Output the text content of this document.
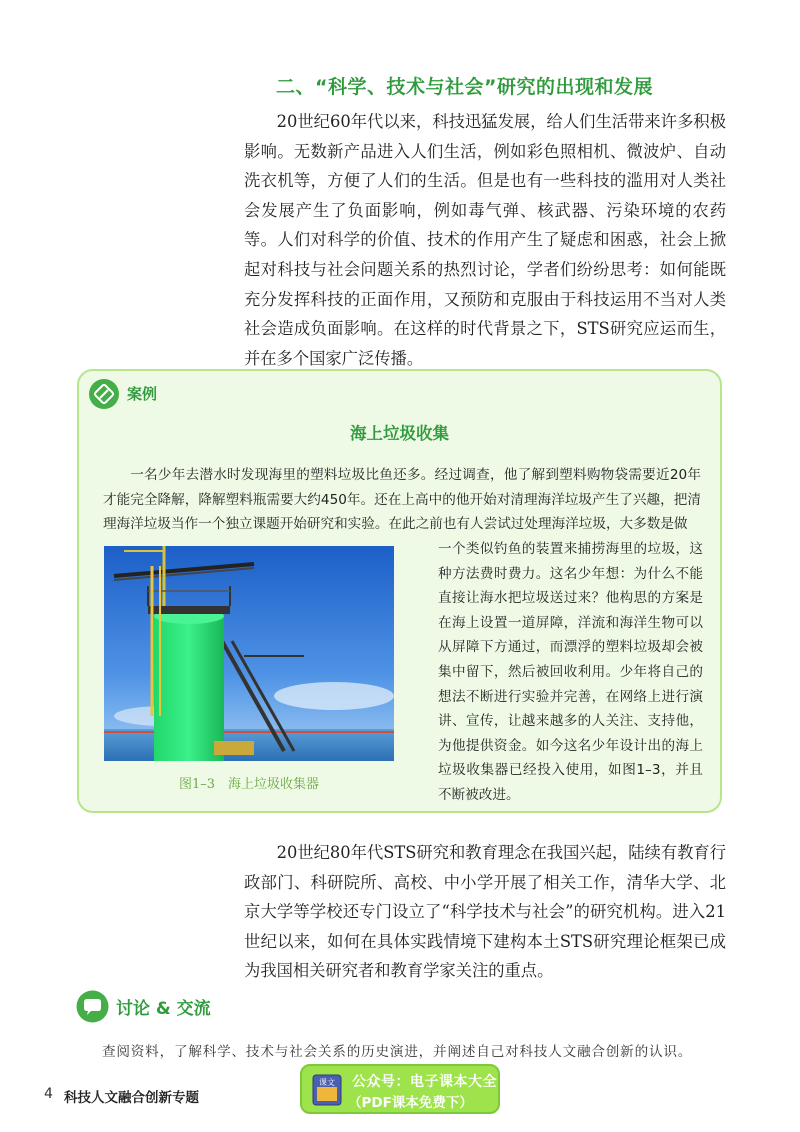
二、“科学、技术与社会”研究的出现和发展

20世纪60年代以来，科技迅猛发展，给人们生活带来许多积极影响。无数新产品进入人们生活，例如彩色照相机、微波炉、自动洗衣机等，方便了人们的生活。但是也有一些科技的滥用对人类社会发展产生了负面影响，例如毒气弹、核武器、污染环境的农药等。人们对科学的价值、技术的作用产生了疑虑和困惑，社会上掀起对科技与社会问题关系的热烈讨论，学者们纷纷思考：如何能既充分发挥科技的正面作用，又预防和克服由于科技运用不当对人类社会造成负面影响。在这样的时代背景之下，STS研究应运而生，并在多个国家广泛传播。

案例
海上垃圾收集

一名少年去潜水时发现海里的塑料垃圾比鱼还多。经过调查，他了解到塑料购物袋需要近20年才能完全降解，降解塑料瓶需要大约450年。还在上高中的他开始对清理海洋垃圾产生了兴趣，把清理海洋垃圾当作一个独立课题开始研究和实验。在此之前也有人尝试过处理海洋垃圾，大多数是做

一个类似钓鱼的装置来捕捞海里的垃圾，这种方法费时费力。这名少年想：为什么不能直接让海水把垃圾送过来？他构思的方案是在海上设置一道屏障，洋流和海洋生物可以从屏障下方通过，而漂浮的塑料垃圾却会被集中留下，然后被回收利用。少年将自己的想法不断进行实验并完善，在网络上进行演讲、宣传，让越来越多的人关注、支持他，为他提供资金。如今这名少年设计出的海上垃圾收集器已经投入使用，如图1–3，并且不断被改进。

图1–3　海上垃圾收集器

20世纪80年代STS研究和教育理念在我国兴起，陆续有教育行政部门、科研院所、高校、中小学开展了相关工作，清华大学、北京大学等学校还专门设立了“科学技术与社会”的研究机构。进入21世纪以来，如何在具体实践情境下建构本土STS研究理论框架已成为我国相关研究者和教育学家关注的重点。

讨论 & 交流

查阅资料，了解科学、技术与社会关系的历史演进，并阐述自己对科技人文融合创新的认识。

4 科技人文融合创新专题
课文 公众号：电子课本大全
（PDF课本免费下）
